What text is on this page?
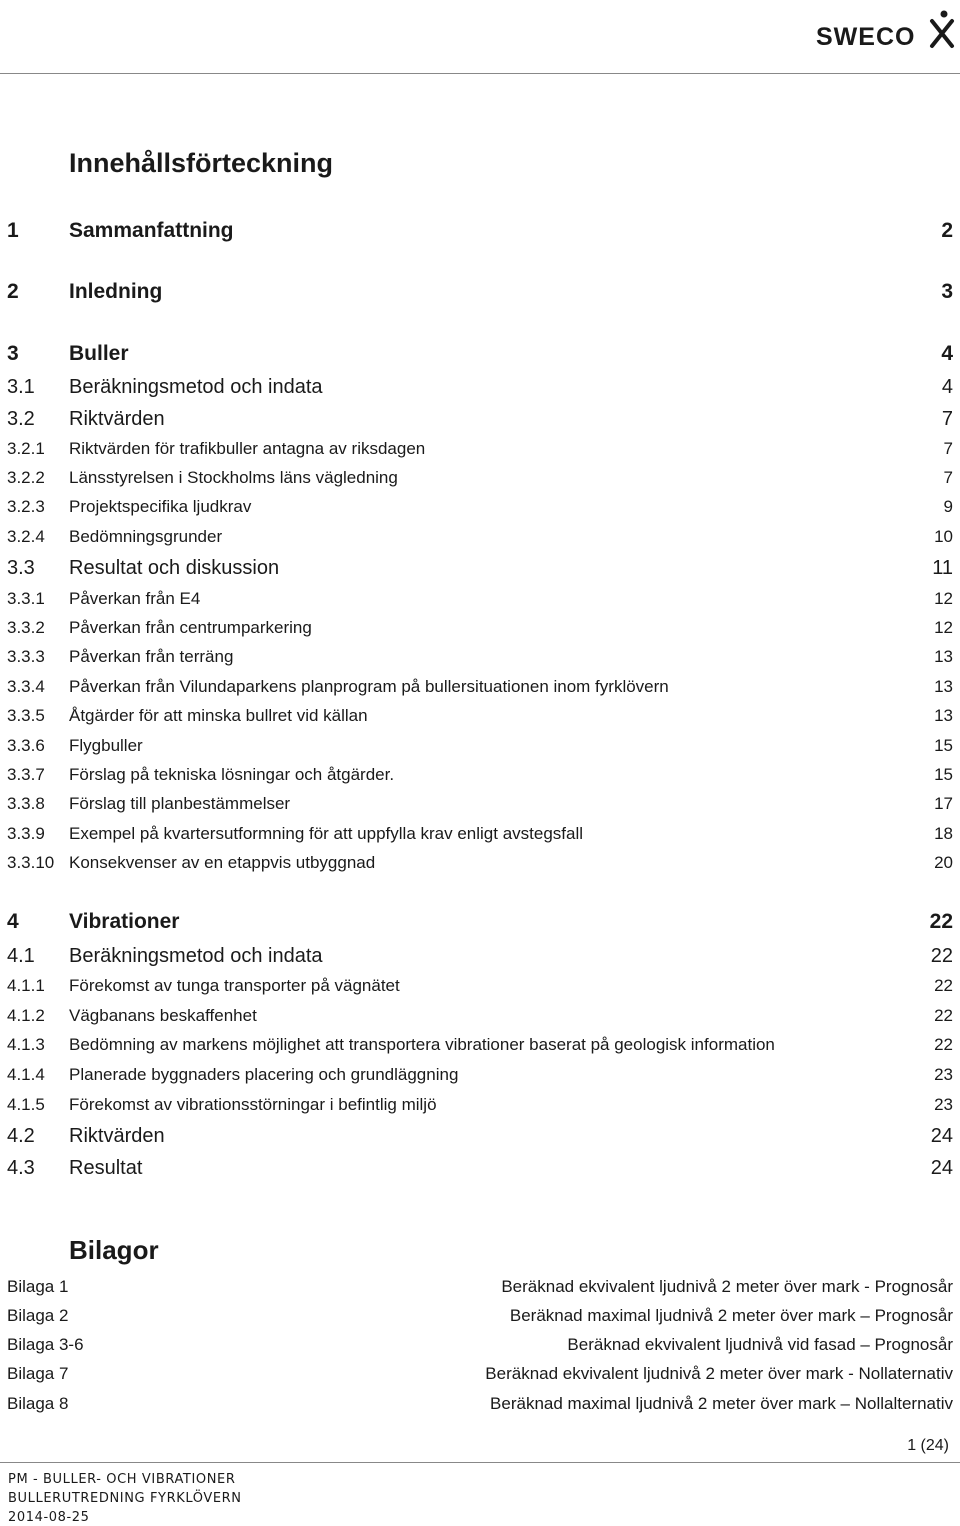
SWECO
Innehållsförteckning
1 Sammanfattning	2
2 Inledning	3
3 Buller	4
3.1 Beräkningsmetod och indata	4
3.2 Riktvärden	7
3.2.1 Riktvärden för trafikbuller antagna av riksdagen	7
3.2.2 Länsstyrelsen i Stockholms läns vägledning	7
3.2.3 Projektspecifika ljudkrav	9
3.2.4 Bedömningsgrunder	10
3.3 Resultat och diskussion	11
3.3.1 Påverkan från E4	12
3.3.2 Påverkan från centrumparkering	12
3.3.3 Påverkan från terräng	13
3.3.4 Påverkan från Vilundaparkens planprogram på bullersituationen inom fyrklövern	13
3.3.5 Åtgärder för att minska bullret vid källan	13
3.3.6 Flygbuller	15
3.3.7 Förslag på tekniska lösningar och åtgärder.	15
3.3.8 Förslag till planbestämmelser	17
3.3.9 Exempel på kvartersutformning för att uppfylla krav enligt avstegsfall	18
3.3.10 Konsekvenser av en etappvis utbyggnad	20
4 Vibrationer	22
4.1 Beräkningsmetod och indata	22
4.1.1 Förekomst av tunga transporter på vägnätet	22
4.1.2 Vägbanans beskaffenhet	22
4.1.3 Bedömning av markens möjlighet att transportera vibrationer baserat på geologisk information	22
4.1.4 Planerade byggnaders placering och grundläggning	23
4.1.5 Förekomst av vibrationsstörningar i befintlig miljö	23
4.2 Riktvärden	24
4.3 Resultat	24
Bilagor
Bilaga 1	Beräknad ekvivalent ljudnivå 2 meter över mark - Prognosår
Bilaga 2	Beräknad maximal ljudnivå 2 meter över mark – Prognosår
Bilaga 3-6	Beräknad ekvivalent ljudnivå vid fasad – Prognosår
Bilaga 7	Beräknad ekvivalent ljudnivå 2 meter över mark - Nollaternativ
Bilaga 8	Beräknad maximal ljudnivå 2 meter över mark – Nollalternativ
1 (24)
PM - BULLER- OCH VIBRATIONER
BULLERUTREDNING FYRKLÖVERN
2014-08-25
